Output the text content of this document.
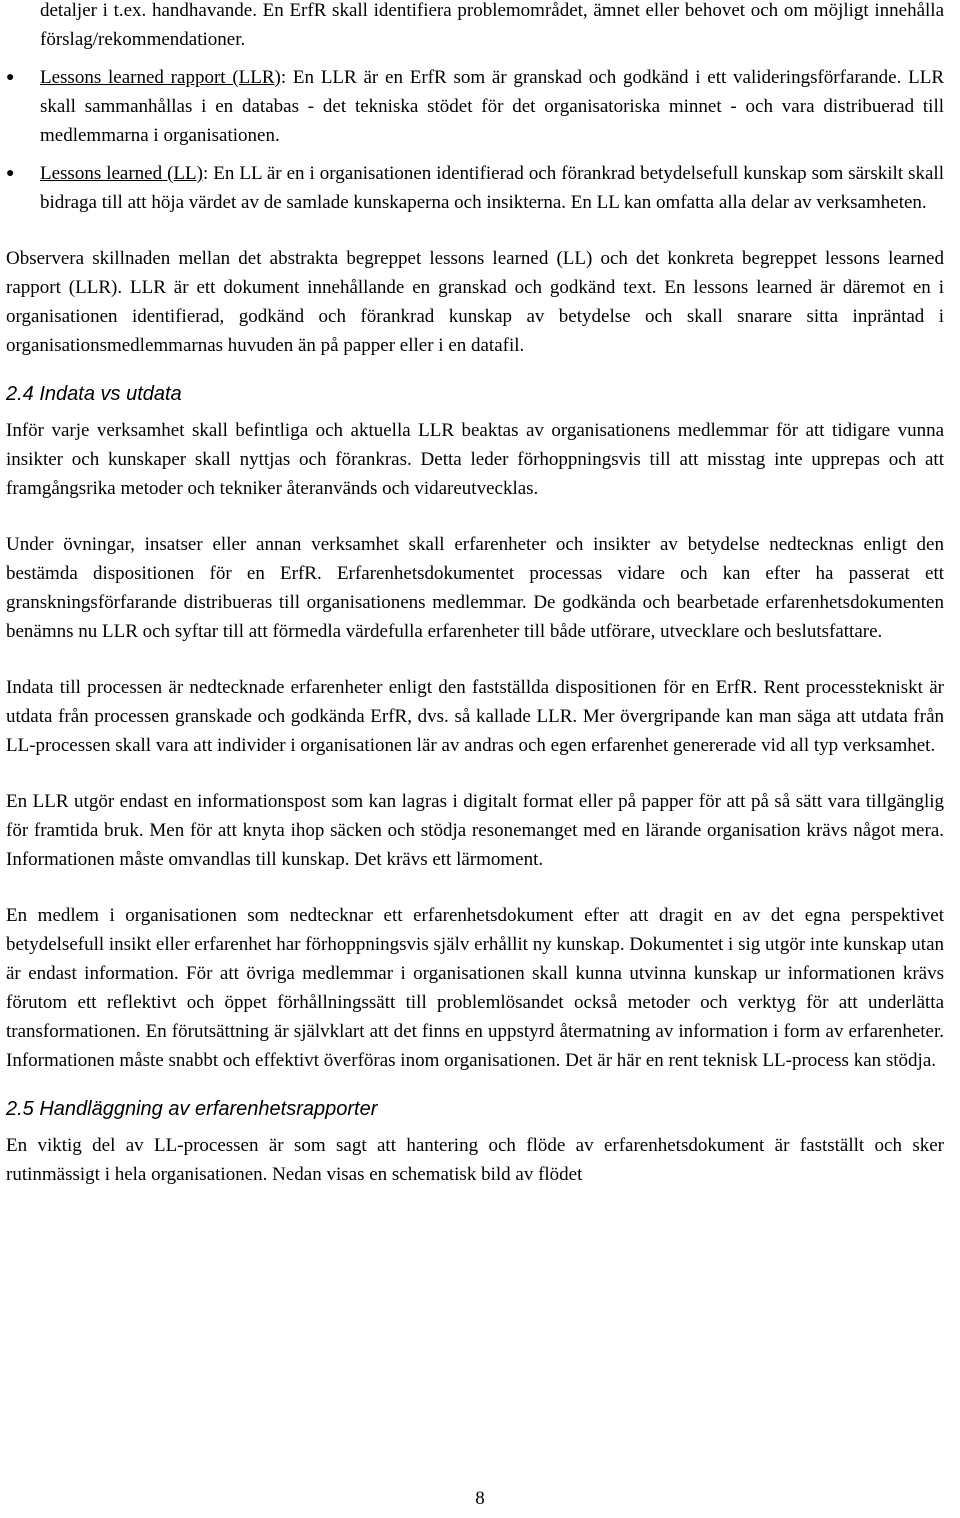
detaljer i t.ex. handhavande. En ErfR skall identifiera problemområdet, ämnet eller behovet och om möjligt innehålla förslag/rekommendationer.

● Lessons learned rapport (LLR): En LLR är en ErfR som är granskad och godkänd i ett valideringsförfarande. LLR skall sammanhållas i en databas - det tekniska stödet för det organisatoriska minnet - och vara distribuerad till medlemmarna i organisationen.

● Lessons learned (LL): En LL är en i organisationen identifierad och förankrad betydelsefull kunskap som särskilt skall bidraga till att höja värdet av de samlade kunskaperna och insikterna. En LL kan omfatta alla delar av verksamheten.

Observera skillnaden mellan det abstrakta begreppet lessons learned (LL) och det konkreta begreppet lessons learned rapport (LLR). LLR är ett dokument innehållande en granskad och godkänd text. En lessons learned är däremot en i organisationen identifierad, godkänd och förankrad kunskap av betydelse och skall snarare sitta inpräntad i organisationsmedlemmarnas huvuden än på papper eller i en datafil.

2.4 Indata vs utdata

Inför varje verksamhet skall befintliga och aktuella LLR beaktas av organisationens medlemmar för att tidigare vunna insikter och kunskaper skall nyttjas och förankras. Detta leder förhoppningsvis till att misstag inte upprepas och att framgångsrika metoder och tekniker återanvänds och vidareutvecklas.

Under övningar, insatser eller annan verksamhet skall erfarenheter och insikter av betydelse nedtecknas enligt den bestämda dispositionen för en ErfR. Erfarenhetsdokumentet processas vidare och kan efter ha passerat ett granskningsförfarande distribueras till organisationens medlemmar. De godkända och bearbetade erfarenhetsdokumenten benämns nu LLR och syftar till att förmedla värdefulla erfarenheter till både utförare, utvecklare och beslutsfattare.

Indata till processen är nedtecknade erfarenheter enligt den fastställda dispositionen för en ErfR. Rent processtekniskt är utdata från processen granskade och godkända ErfR, dvs. så kallade LLR. Mer övergripande kan man säga att utdata från LL-processen skall vara att individer i organisationen lär av andras och egen erfarenhet genererade vid all typ verksamhet.

En LLR utgör endast en informationspost som kan lagras i digitalt format eller på papper för att på så sätt vara tillgänglig för framtida bruk. Men för att knyta ihop säcken och stödja resonemanget med en lärande organisation krävs något mera. Informationen måste omvandlas till kunskap. Det krävs ett lärmoment.

En medlem i organisationen som nedtecknar ett erfarenhetsdokument efter att dragit en av det egna perspektivet betydelsefull insikt eller erfarenhet har förhoppningsvis själv erhållit ny kunskap. Dokumentet i sig utgör inte kunskap utan är endast information. För att övriga medlemmar i organisationen skall kunna utvinna kunskap ur informationen krävs förutom ett reflektivt och öppet förhållningssätt till problemlösandet också metoder och verktyg för att underlätta transformationen. En förutsättning är självklart att det finns en uppstyrd återmatning av information i form av erfarenheter. Informationen måste snabbt och effektivt överföras inom organisationen. Det är här en rent teknisk LL-process kan stödja.

2.5 Handläggning av erfarenhetsrapporter

En viktig del av LL-processen är som sagt att hantering och flöde av erfarenhetsdokument är fastställt och sker rutinmässigt i hela organisationen. Nedan visas en schematisk bild av flödet

8
